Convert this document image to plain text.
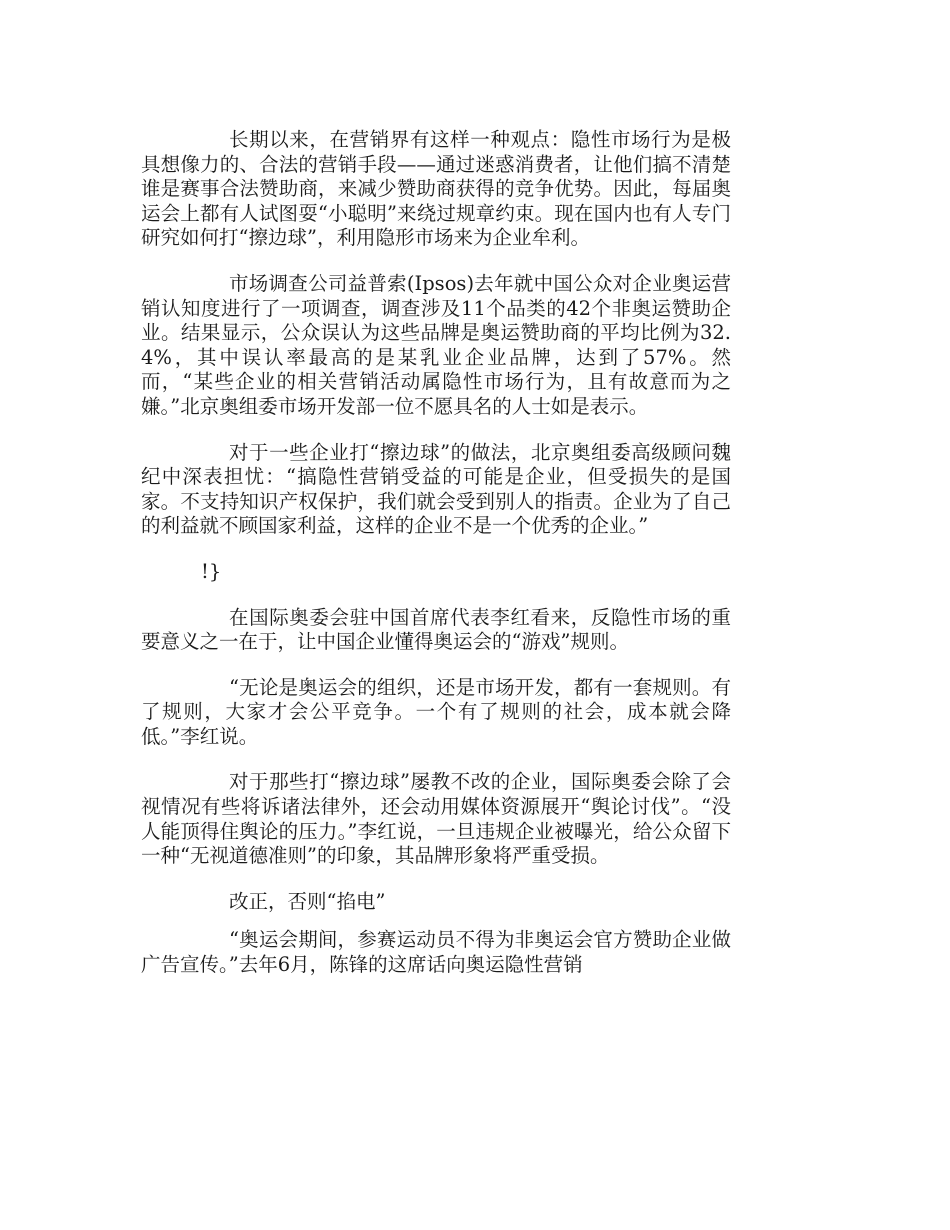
长期以来，在营销界有这样一种观点：隐性市场行为是极具想像力的、合法的营销手段——通过迷惑消费者，让他们搞不清楚谁是赛事合法赞助商，来减少赞助商获得的竞争优势。因此，每届奥运会上都有人试图耍“小聪明”来绕过规章约束。现在国内也有人专门研究如何打“擦边球”，利用隐形市场来为企业牟利。

市场调查公司益普索(Ipsos)去年就中国公众对企业奥运营销认知度进行了一项调查，调查涉及11个品类的42个非奥运赞助企业。结果显示，公众误认为这些品牌是奥运赞助商的平均比例为32.4%，其中误认率最高的是某乳业企业品牌，达到了57%。然而，“某些企业的相关营销活动属隐性市场行为，且有故意而为之嫌。”北京奥组委市场开发部一位不愿具名的人士如是表示。

对于一些企业打“擦边球”的做法，北京奥组委高级顾问魏纪中深表担忧：“搞隐性营销受益的可能是企业，但受损失的是国家。不支持知识产权保护，我们就会受到别人的指责。企业为了自己的利益就不顾国家利益，这样的企业不是一个优秀的企业。”

!}

在国际奥委会驻中国首席代表李红看来，反隐性市场的重要意义之一在于，让中国企业懂得奥运会的“游戏”规则。

“无论是奥运会的组织，还是市场开发，都有一套规则。有了规则，大家才会公平竞争。一个有了规则的社会，成本就会降低。”李红说。

对于那些打“擦边球”屡教不改的企业，国际奥委会除了会视情况有些将诉诸法律外，还会动用媒体资源展开“舆论讨伐”。“没人能顶得住舆论的压力。”李红说，一旦违规企业被曝光，给公众留下一种“无视道德准则”的印象，其品牌形象将严重受损。

改正，否则“掐电”

“奥运会期间，参赛运动员不得为非奥运会官方赞助企业做广告宣传。”去年6月，陈锋的这席话向奥运隐性营销
